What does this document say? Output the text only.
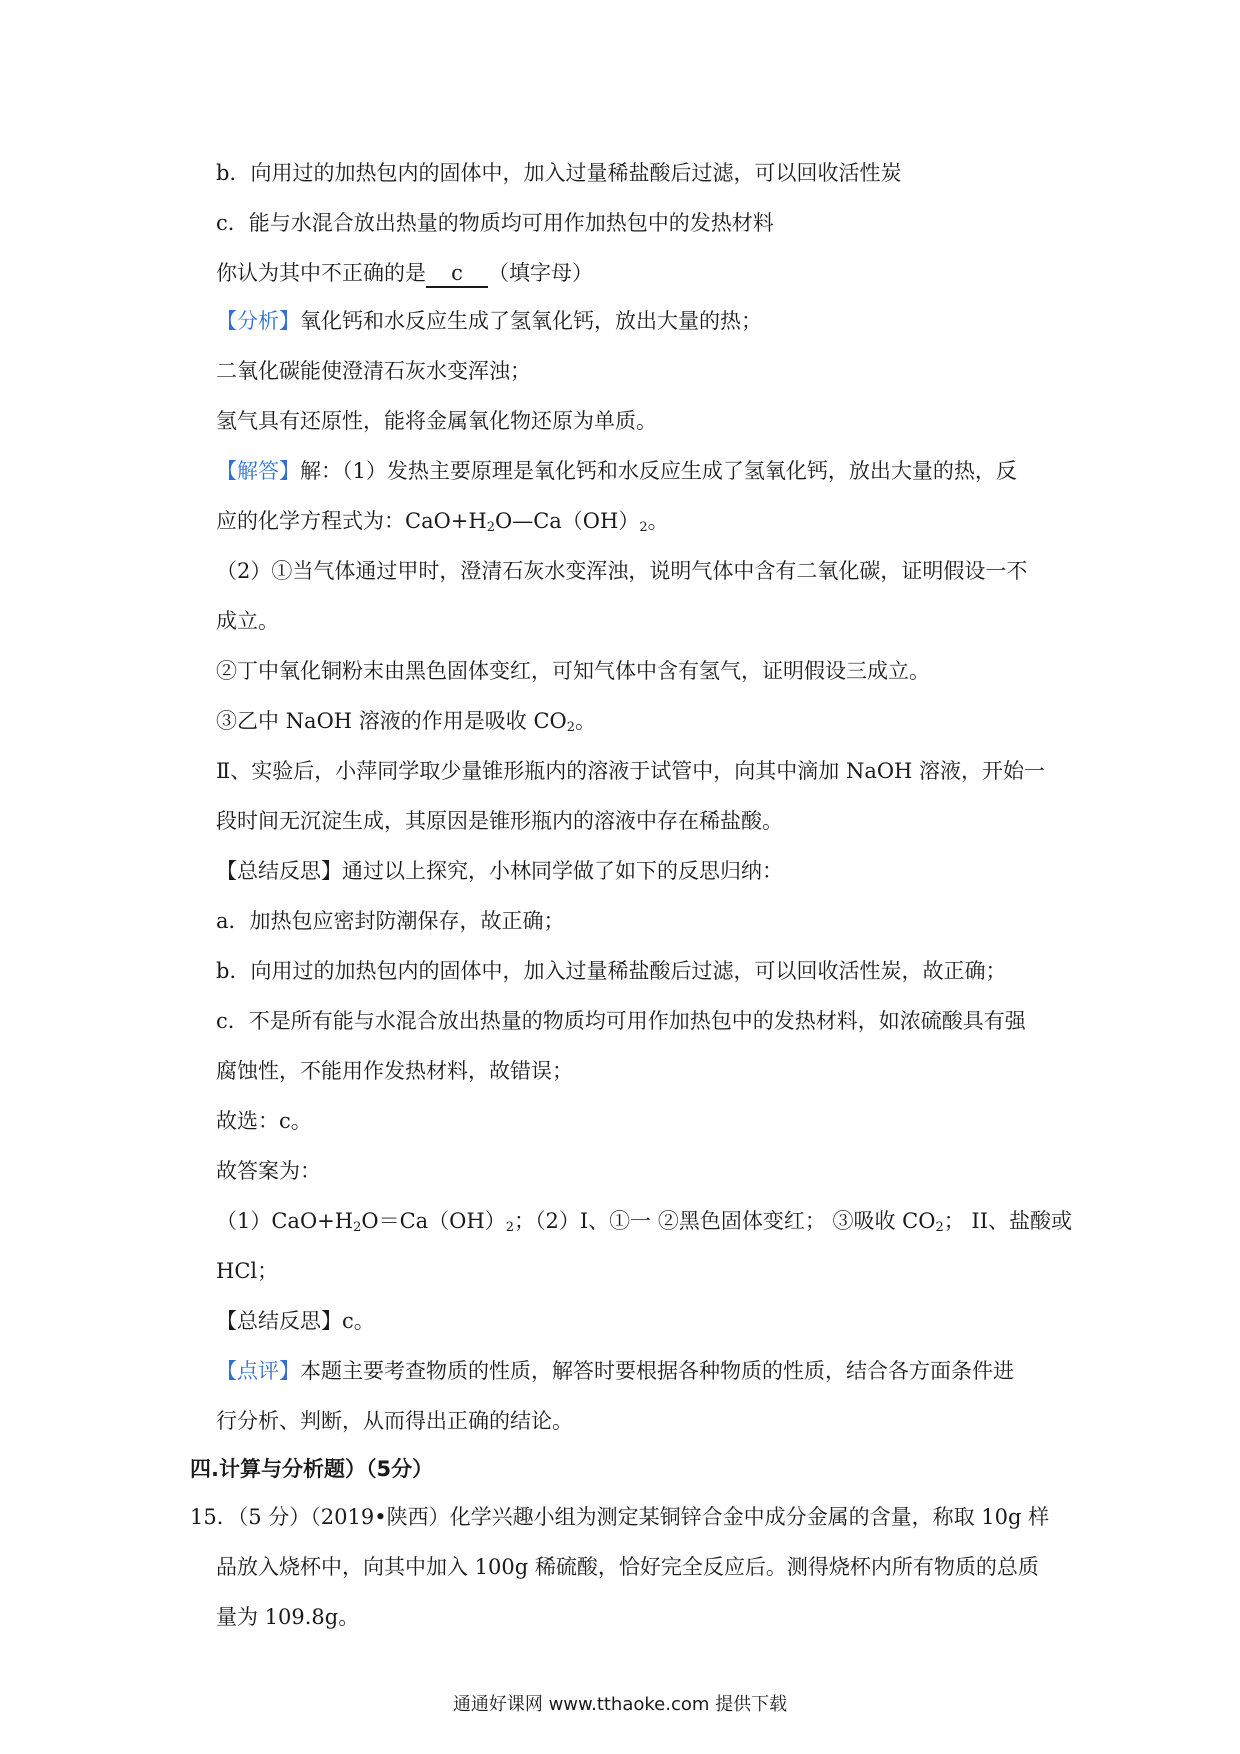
b．向用过的加热包内的固体中，加入过量稀盐酸后过滤，可以回收活性炭
c．能与水混合放出热量的物质均可用作加热包中的发热材料
你认为其中不正确的是 c （填字母）
【分析】氧化钙和水反应生成了氢氧化钙，放出大量的热；
二氧化碳能使澄清石灰水变浑浊；
氢气具有还原性，能将金属氧化物还原为单质。
【解答】解：（1）发热主要原理是氧化钙和水反应生成了氢氧化钙，放出大量的热，反
应的化学方程式为：$CaO+H_2O—Ca(OH)_2$。
（2）①当气体通过甲时，澄清石灰水变浑浊，说明气体中含有二氧化碳，证明假设一不
成立。
②丁中氧化铜粉末由黑色固体变红，可知气体中含有氢气，证明假设三成立。
③乙中 NaOH 溶液的作用是吸收 $CO_2$。
Ⅱ、实验后，小萍同学取少量锥形瓶内的溶液于试管中，向其中滴加 NaOH 溶液，开始一
段时间无沉淀生成，其原因是锥形瓶内的溶液中存在稀盐酸。
【总结反思】通过以上探究，小林同学做了如下的反思归纳：
a．加热包应密封防潮保存，故正确；
b．向用过的加热包内的固体中，加入过量稀盐酸后过滤，可以回收活性炭，故正确；
c．不是所有能与水混合放出热量的物质均可用作加热包中的发热材料，如浓硫酸具有强
腐蚀性，不能用作发热材料，故错误；
故选：c。
故答案为：
$(1)CaO+H_2O=Ca(OH)_2$；（2）I、①一 ②黑色固体变红； ③吸收 $CO_2$； II、盐酸或
HCl；
【总结反思】c。
【点评】本题主要考查物质的性质，解答时要根据各种物质的性质，结合各方面条件进
行分析、判断，从而得出正确的结论。
四.计算与分析题）（5分）
15．（5 分）（2019•陕西）化学兴趣小组为测定某铜锌合金中成分金属的含量，称取 10g 样
品放入烧杯中，向其中加入 100g 稀硫酸，恰好完全反应后。测得烧杯内所有物质的总质
量为 109.8g。
通通好课网 www.tthaoke.com 提供下载
